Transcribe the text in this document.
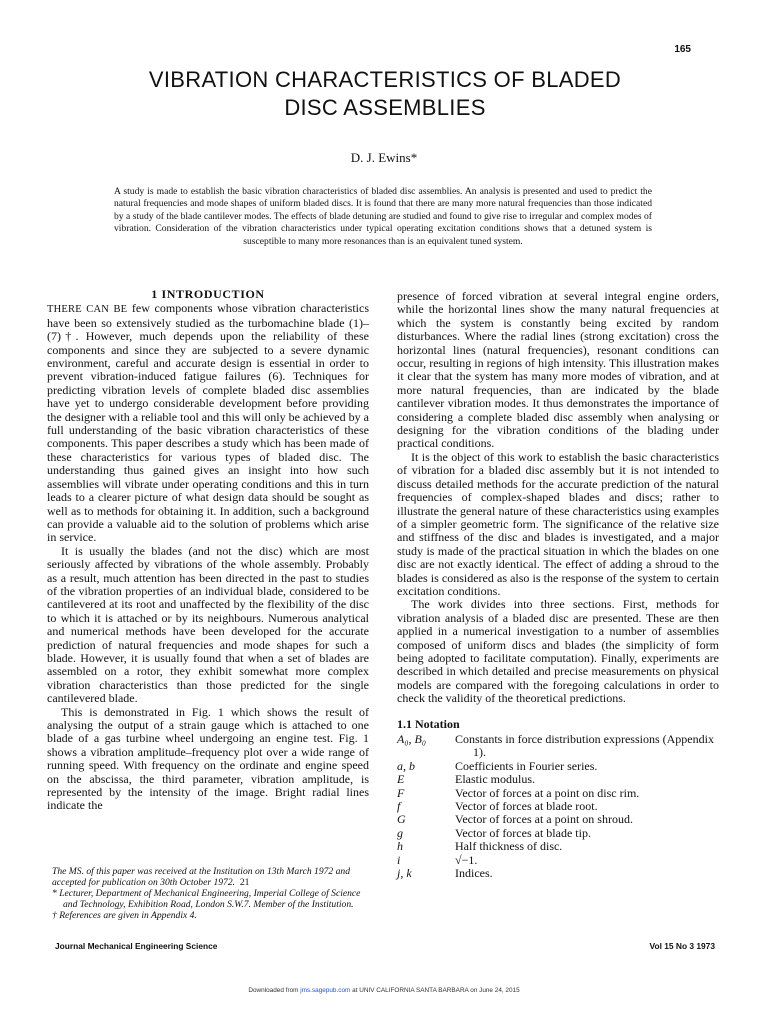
165
VIBRATION CHARACTERISTICS OF BLADED
DISC ASSEMBLIES
D. J. Ewins*

A study is made to establish the basic vibration characteristics of bladed disc assemblies. An analysis is presented and used to predict the natural frequencies and mode shapes of uniform bladed discs. It is found that there are many more natural frequencies than those indicated by a study of the blade cantilever modes. The effects of blade detuning are studied and found to give rise to irregular and complex modes of vibration. Consideration of the vibration characteristics under typical operating excitation conditions shows that a detuned system is susceptible to many more resonances than is an equivalent tuned system.

1 INTRODUCTION

THERE CAN BE few components whose vibration characteristics have been so extensively studied as the turbomachine blade (1)–(7)†. However, much depends upon the reliability of these components and since they are subjected to a severe dynamic environment, careful and accurate design is essential in order to prevent vibration-induced fatigue failures (6). Techniques for predicting vibration levels of complete bladed disc assemblies have yet to undergo considerable development before providing the designer with a reliable tool and this will only be achieved by a full understanding of the basic vibration characteristics of these components. This paper describes a study which has been made of these characteristics for various types of bladed disc. The understanding thus gained gives an insight into how such assemblies will vibrate under operating conditions and this in turn leads to a clearer picture of what design data should be sought as well as to methods for obtaining it. In addition, such a background can provide a valuable aid to the solution of problems which arise in service.

It is usually the blades (and not the disc) which are most seriously affected by vibrations of the whole assembly. Probably as a result, much attention has been directed in the past to studies of the vibration properties of an individual blade, considered to be cantilevered at its root and unaffected by the flexibility of the disc to which it is attached or by its neighbours. Numerous analytical and numerical methods have been developed for the accurate prediction of natural frequencies and mode shapes for such a blade. However, it is usually found that when a set of blades are assembled on a rotor, they exhibit somewhat more complex vibration characteristics than those predicted for the single cantilevered blade.

This is demonstrated in Fig. 1 which shows the result of analysing the output of a strain gauge which is attached to one blade of a gas turbine wheel undergoing an engine test. Fig. 1 shows a vibration amplitude–frequency plot over a wide range of running speed. With frequency on the ordinate and engine speed on the abscissa, the third parameter, vibration amplitude, is represented by the intensity of the image. Bright radial lines indicate the

presence of forced vibration at several integral engine orders, while the horizontal lines show the many natural frequencies at which the system is constantly being excited by random disturbances. Where the radial lines (strong excitation) cross the horizontal lines (natural frequencies), resonant conditions can occur, resulting in regions of high intensity. This illustration makes it clear that the system has many more modes of vibration, and at more natural frequencies, than are indicated by the blade cantilever vibration modes. It thus demonstrates the importance of considering a complete bladed disc assembly when analysing or designing for the vibration conditions of the blading under practical conditions.

It is the object of this work to establish the basic characteristics of vibration for a bladed disc assembly but it is not intended to discuss detailed methods for the accurate prediction of the natural frequencies of complex-shaped blades and discs; rather to illustrate the general nature of these characteristics using examples of a simpler geometric form. The significance of the relative size and stiffness of the disc and blades is investigated, and a major study is made of the practical situation in which the blades on one disc are not exactly identical. The effect of adding a shroud to the blades is considered as also is the response of the system to certain excitation conditions.

The work divides into three sections. First, methods for vibration analysis of a bladed disc are presented. These are then applied in a numerical investigation to a number of assemblies composed of uniform discs and blades (the simplicity of form being adopted to facilitate computation). Finally, experiments are described in which detailed and precise measurements on physical models are compared with the foregoing calculations in order to check the validity of the theoretical predictions.

1.1 Notation
A₀, B₀	Constants in force distribution expressions (Appendix 1).
a, b	Coefficients in Fourier series.
E	Elastic modulus.
F	Vector of forces at a point on disc rim.
f	Vector of forces at blade root.
G	Vector of forces at a point on shroud.
g	Vector of forces at blade tip.
h	Half thickness of disc.
i	√−1.
j, k	Indices.
The MS. of this paper was received at the Institution on 13th March 1972 and accepted for publication on 30th October 1972. 21
* Lecturer, Department of Mechanical Engineering, Imperial College of Science and Technology, Exhibition Road, London S.W.7. Member of the Institution.
† References are given in Appendix 4.
Journal Mechanical Engineering Science	Vol 15 No 3 1973
Downloaded from jms.sagepub.com at UNIV CALIFORNIA SANTA BARBARA on June 24, 2015
